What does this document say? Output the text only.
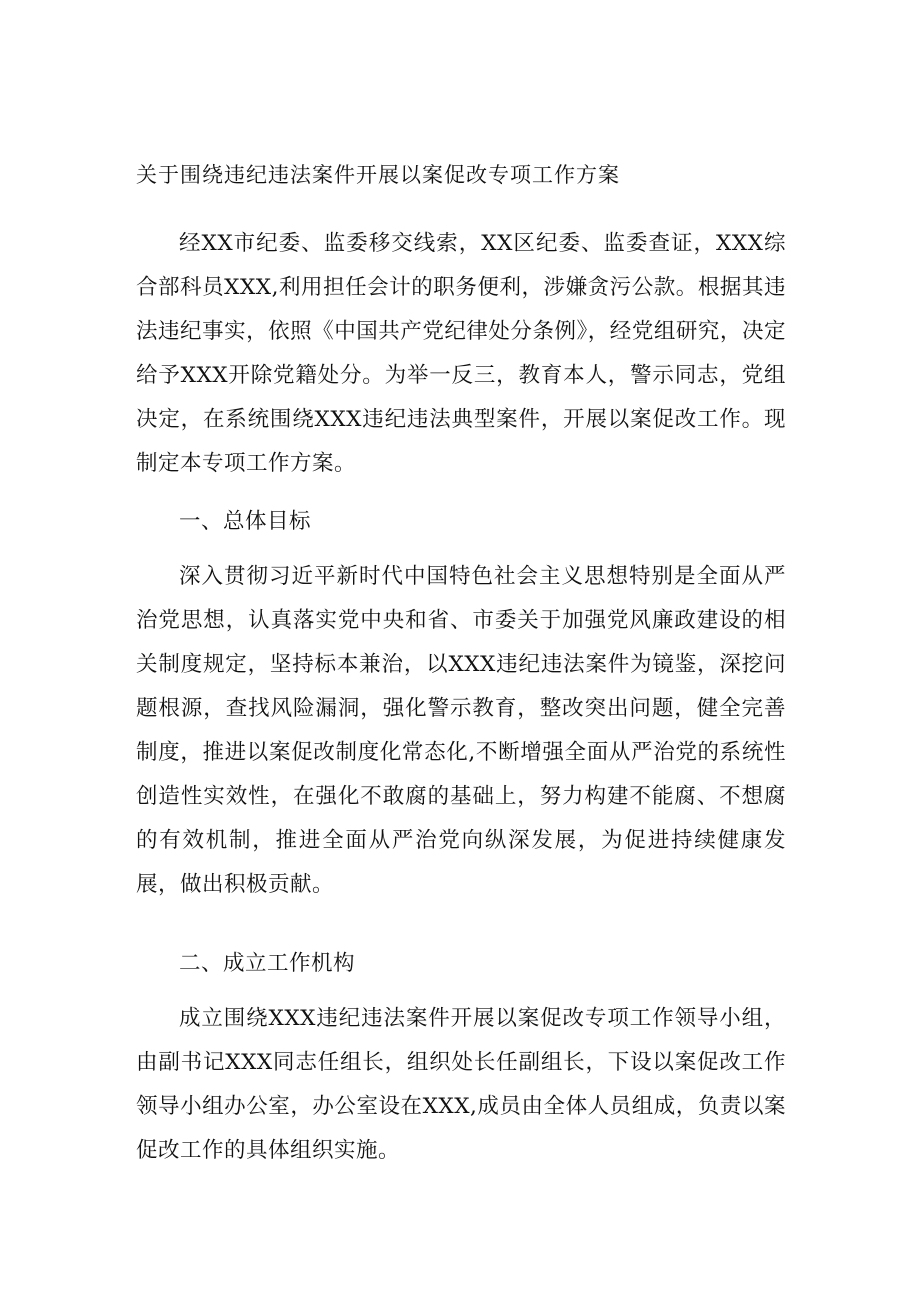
关于围绕违纪违法案件开展以案促改专项工作方案

经XX市纪委、监委移交线索，XX区纪委、监委查证，XXX综合部科员XXX,利用担任会计的职务便利，涉嫌贪污公款。根据其违法违纪事实，依照《中国共产党纪律处分条例》，经党组研究，决定给予XXX开除党籍处分。为举一反三，教育本人，警示同志，党组决定，在系统围绕XXX违纪违法典型案件，开展以案促改工作。现制定本专项工作方案。

一、总体目标

深入贯彻习近平新时代中国特色社会主义思想特别是全面从严治党思想，认真落实党中央和省、市委关于加强党风廉政建设的相关制度规定，坚持标本兼治，以XXX违纪违法案件为镜鉴，深挖问题根源，查找风险漏洞，强化警示教育，整改突出问题，健全完善制度，推进以案促改制度化常态化,不断增强全面从严治党的系统性创造性实效性，在强化不敢腐的基础上，努力构建不能腐、不想腐的有效机制，推进全面从严治党向纵深发展，为促进持续健康发展，做出积极贡献。

二、成立工作机构

成立围绕XXX违纪违法案件开展以案促改专项工作领导小组，由副书记XXX同志任组长，组织处长任副组长，下设以案促改工作领导小组办公室，办公室设在XXX,成员由全体人员组成，负责以案促改工作的具体组织实施。
